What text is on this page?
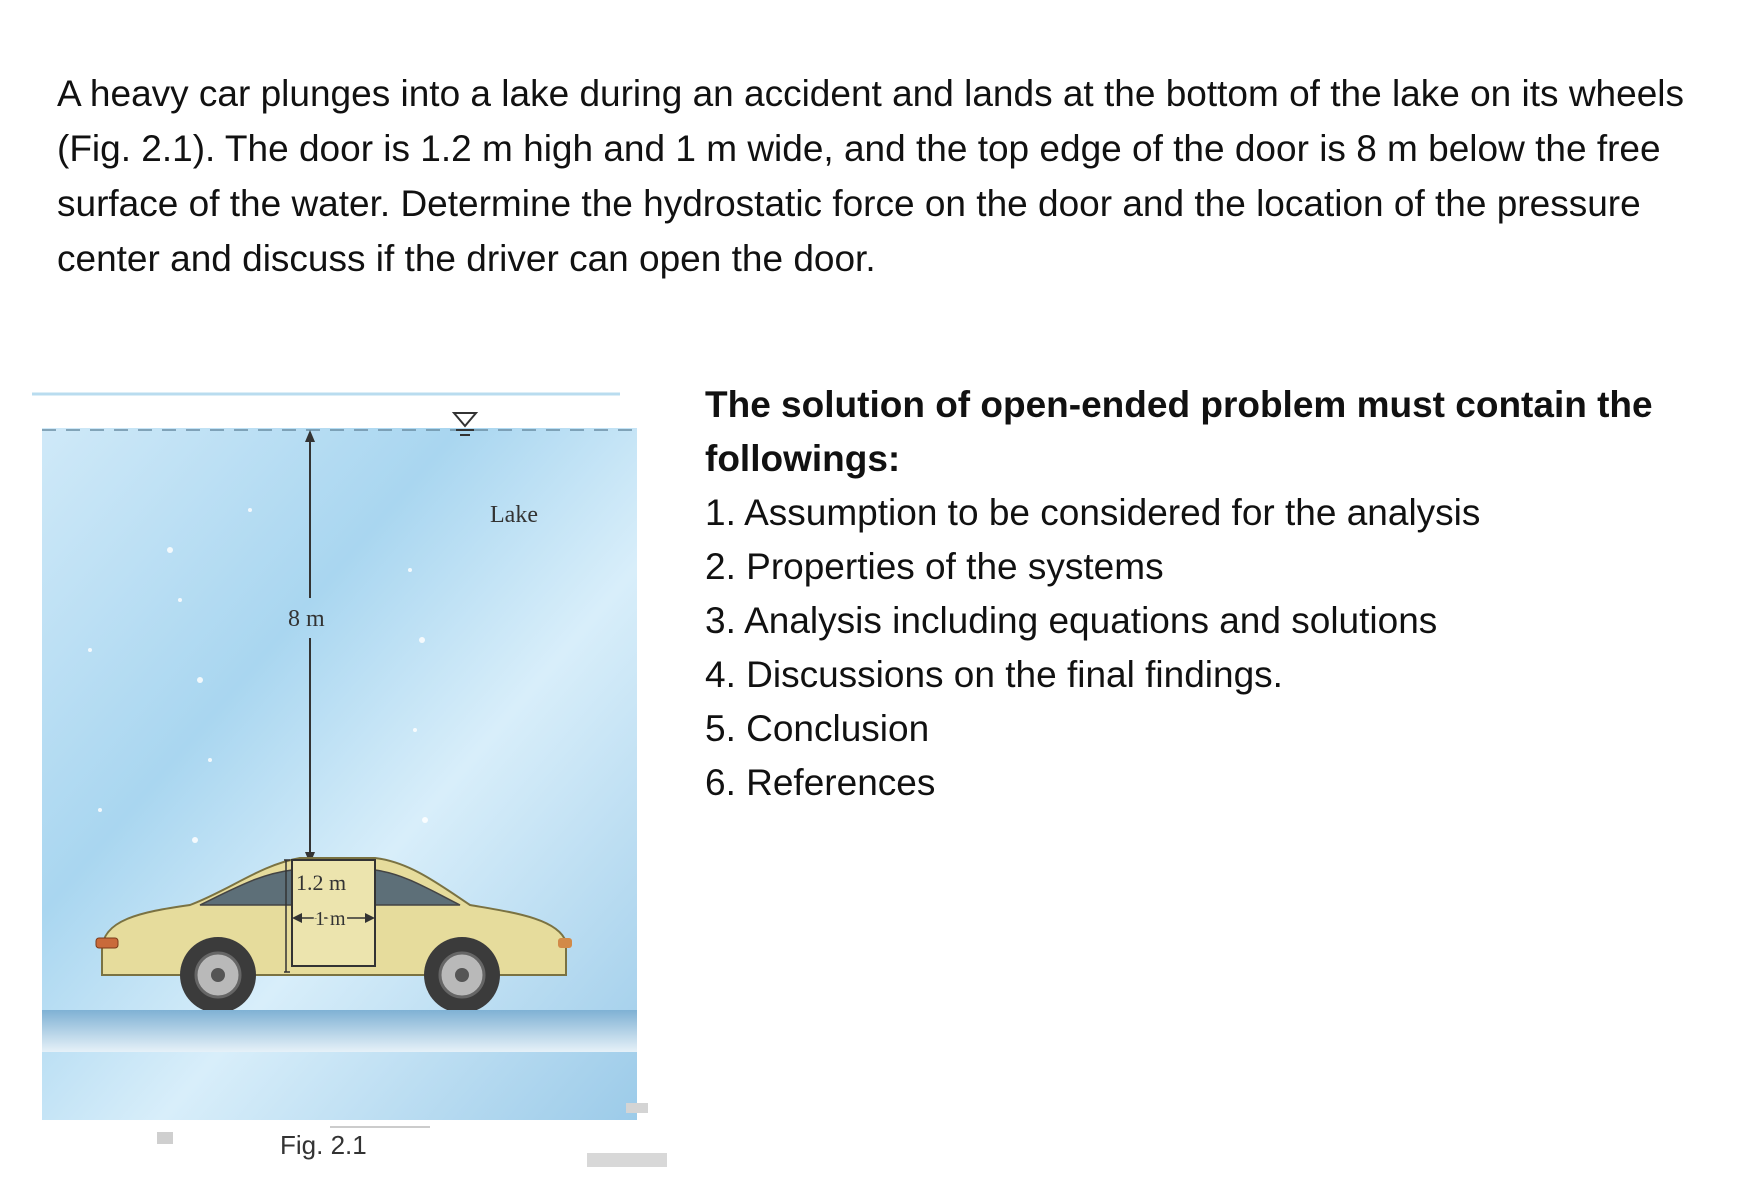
A heavy car plunges into a lake during an accident and lands at the bottom of the lake on its wheels (Fig. 2.1). The door is 1.2 m high and 1 m wide, and the top edge of the door is 8 m below the free surface of the water. Determine the hydrostatic force on the door and the location of the pressure center and discuss if the driver can open the door.

8 m
Lake
1.2 m
1 m
Fig. 2.1
The solution of open-ended problem must contain the followings:
1. Assumption to be considered for the analysis
2. Properties of the systems
3. Analysis including equations and solutions
4. Discussions on the final findings.
5. Conclusion
6. References
